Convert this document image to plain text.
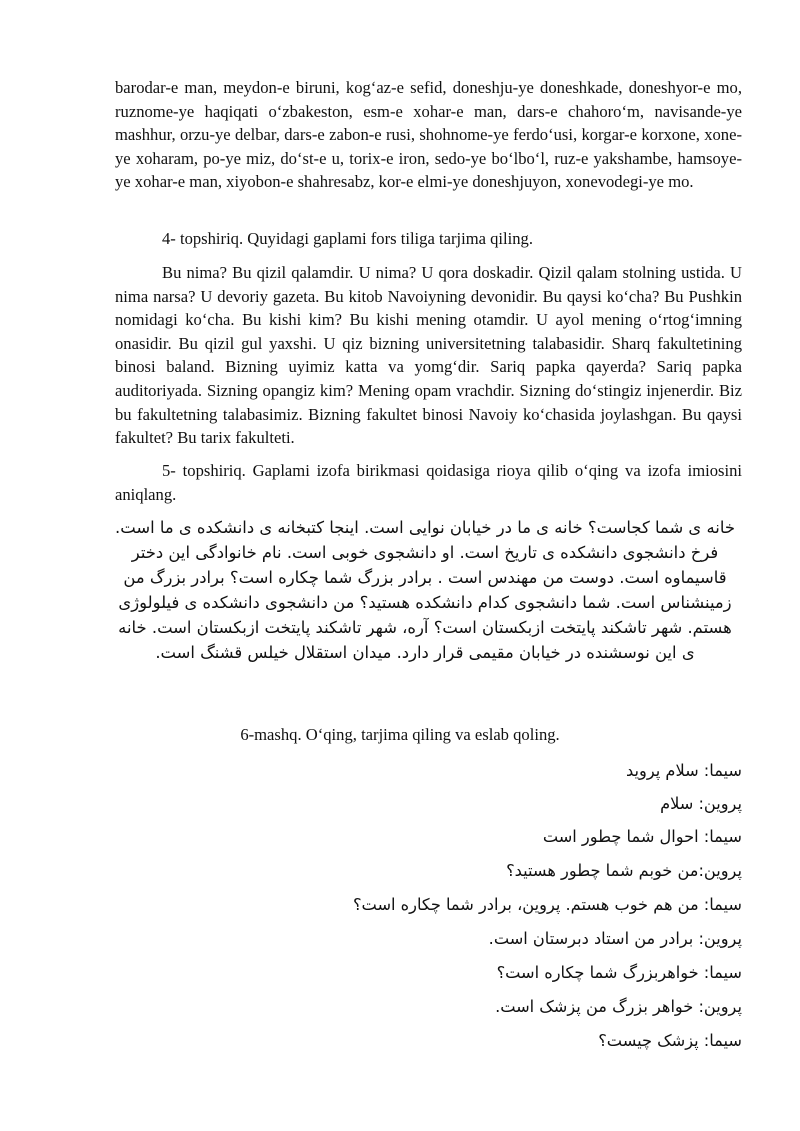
barodar-e man, meydon-e biruni, kog‘az-e sefid, doneshju-ye doneshkade, doneshyor-e mo, ruznome-ye haqiqati o‘zbakeston, esm-e xohar-e man, dars-e chahoro‘m, navisande-ye mashhur, orzu-ye delbar, dars-e zabon-e rusi, shohnome-ye ferdo‘usi, korgar-e korxone, xone-ye xoharam, po-ye miz, do‘st-e u, torix-e iron, sedo-ye bo‘lbo‘l, ruz-e yakshambe, hamsoye-ye xohar-e man, xiyobon-e shahresabz, kor-e elmi-ye doneshjuyon, xonevodegi-ye mo.

4- topshiriq. Quyidagi gaplami fors tiliga tarjima qiling.

Bu nima? Bu qizil qalamdir. U nima? U qora doskadir. Qizil qalam stolning ustida. U nima narsa? U devoriy gazeta. Bu kitob Navoiyning devonidir. Bu qaysi ko‘cha? Bu Pushkin nomidagi ko‘cha. Bu kishi kim? Bu kishi mening otamdir. U ayol mening o‘rtog‘imning onasidir. Bu qizil gul yaxshi. U qiz bizning universitetning talabasidir. Sharq fakultetining binosi baland. Bizning uyimiz katta va yomg‘dir. Sariq papka qayerda? Sariq papka auditoriyada. Sizning opangiz kim? Mening opam vrachdir. Sizning do‘stingiz injenerdir. Biz bu fakultetning talabasimiz. Bizning fakultet binosi Navoiy ko‘chasida joylashgan. Bu qaysi fakultet? Bu tarix fakulteti.

5- topshiriq. Gaplami izofa birikmasi qoidasiga rioya qilib o‘qing va izofa imiosini aniqlang.

خانه ی شما کجاست؟ خانه ی ما در خیابان نوایی است. اینجا کتبخانه ی دانشکده ی ما است. فرخ دانشجوی دانشکده ی تاریخ است. او دانشجوی خوبی است. نام خانوادگی این دختر قاسیماوه است. دوست من مهندس است . برادر بزرگ شما چکاره است؟ برادر بزرگ من زمینشناس است. شما دانشجوی کدام دانشکده هستید؟ من دانشجوی دانشکده ی فیلولوژی هستم. شهر تاشکند پایتخت ازبکستان است؟ آره، شهر تاشکند پایتخت ازبکستان است. خانه ی این نوسشنده در خیابان مقیمی قرار دارد. میدان استقلال خیلس قشنگ است.

6-mashq. O‘qing, tarjima qiling va eslab qoling.

سیما: سلام پروید

پروین: سلام

سیما: احوال شما چطور است

پروین:من خوبم شما چطور هستید؟

سیما: من هم خوب هستم. پروین، برادر شما چکاره است؟

پروین: برادر من استاد دبرستان است.

سیما: خواهربزرگ شما چکاره است؟

پروین: خواهر بزرگ من پزشک است.

سیما: پزشک چیست؟
